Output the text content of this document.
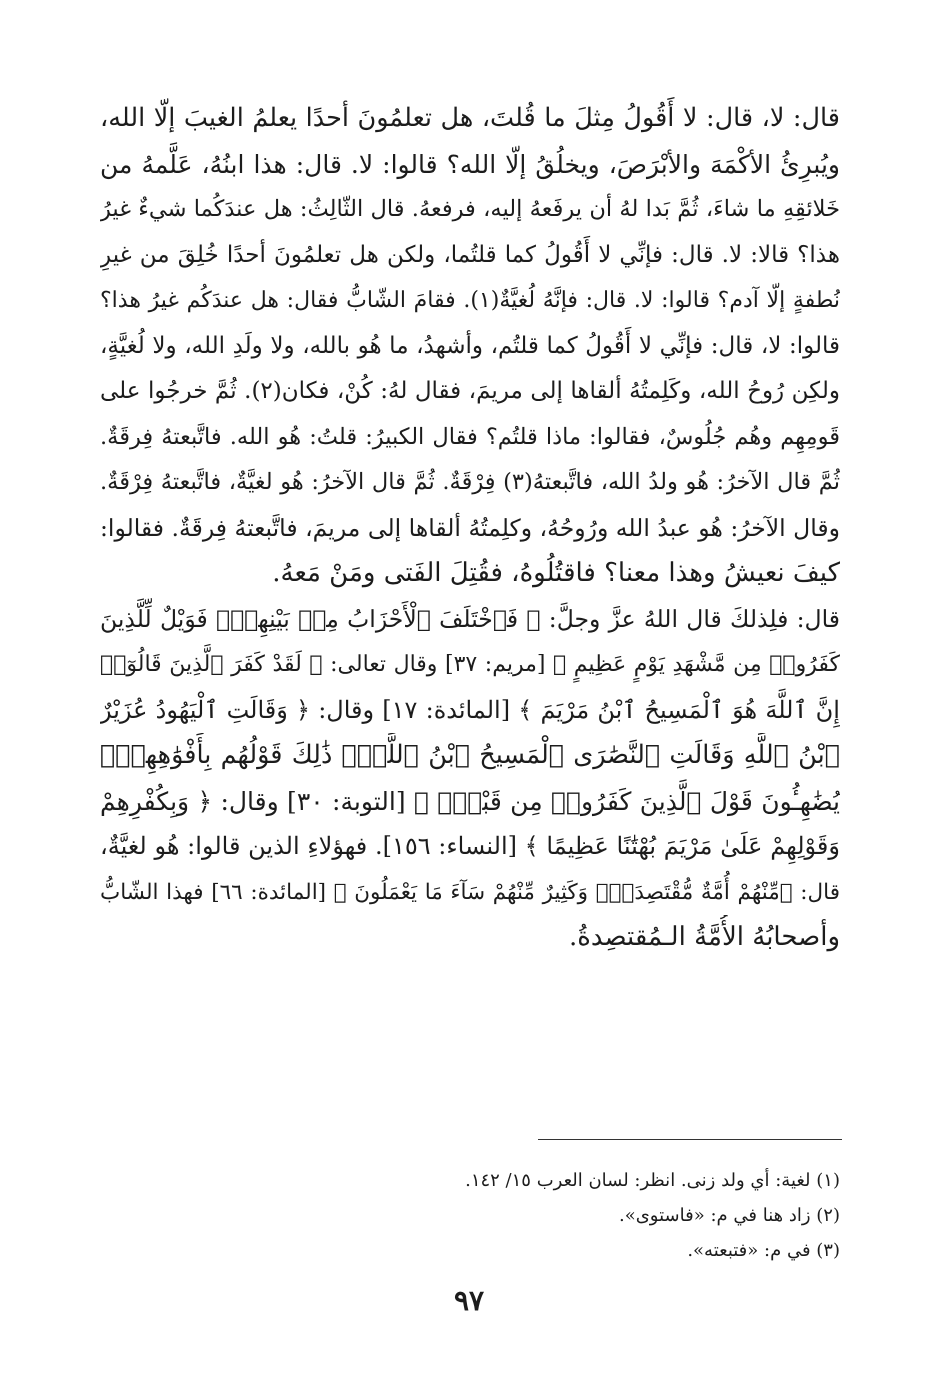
قال: لا، قال: لا أَقُولُ مِثلَ ما قُلتَ، هل تعلمُونَ أحدًا يعلمُ الغيبَ إلّا الله،
ويُبرِئُ الأكْمَهَ والأبْرَصَ، ويخلُقُ إلّا الله؟ قالوا: لا. قال: هذا ابنُهُ، عَلَّمهُ من
خَلائقِهِ ما شاءَ، ثُمَّ بَدا لهُ أن يرفَعهُ إليه، فرفعهُ. قال الثّالِثُ: هل عندَكُما شيءٌ غيرُ
هذا؟ قالا: لا. قال: فإنِّي لا أَقُولُ كما قلتُما، ولكن هل تعلمُونَ أحدًا خُلِقَ من غيرِ
نُطفةٍ إلّا آدم؟ قالوا: لا. قال: فإنَّهُ لُغيَّةٌ(١). فقامَ الشّابُّ فقال: هل عندَكُم غيرُ هذا؟
قالوا: لا، قال: فإنِّي لا أَقُولُ كما قلتُم، وأشهدُ، ما هُو بالله، ولا ولَدِ الله، ولا لُغيَّةٍ،
ولكِن رُوحُ الله، وكَلِمتُهُ ألقاها إلى مريمَ، فقال لهُ: كُنْ، فكان(٢). ثُمَّ خرجُوا على
قَومِهِم وهُم جُلُوسٌ، فقالوا: ماذا قلتُم؟ فقال الكبيرُ: قلتُ: هُو الله. فاتَّبعتهُ فِرقَةٌ.
ثُمَّ قال الآخرُ: هُو ولدُ الله، فاتَّبعتهُ(٣) فِرْقَةٌ. ثُمَّ قال الآخرُ: هُو لغيَّةٌ، فاتَّبعتهُ فِرْقَةٌ.
وقال الآخرُ: هُو عبدُ الله ورُوحُهُ، وكلِمتُهُ ألقاها إلى مريمَ، فاتَّبعتهُ فِرقَةٌ. فقالوا:
كيفَ نعيشُ وهذا معنا؟ فاقتُلُوهُ، فقُتِلَ الفَتى ومَنْ مَعهُ.
قال: فلِذلكَ قال اللهُ عزَّ وجلَّ: ﴿ فَٱخْتَلَفَ ٱلْأَحْزَابُ مِنۢ بَيْنِهِمْۖ فَوَيْلٌ لِّلَّذِينَ
كَفَرُوا۟ مِن مَّشْهَدِ يَوْمٍ عَظِيمٍ ﴾ [مريم: ٣٧] وقال تعالى: ﴿ لَقَدْ كَفَرَ ٱلَّذِينَ قَالُوٓا۟
إِنَّ ٱللَّهَ هُوَ ٱلْمَسِيحُ ٱبْنُ مَرْيَمَ ﴾ [المائدة: ١٧] وقال: ﴿ وَقَالَتِ ٱلْيَهُودُ عُزَيْرٌ
ٱبْنُ ٱللَّهِ وَقَالَتِ ٱلنَّصَٰرَى ٱلْمَسِيحُ ٱبْنُ ٱللَّهِۖ ذَٰلِكَ قَوْلُهُم بِأَفْوَٰهِهِمْۖ
يُضَٰهِـُٔونَ قَوْلَ ٱلَّذِينَ كَفَرُوا۟ مِن قَبْلُۚ ﴾ [التوبة: ٣٠] وقال: ﴿ وَبِكُفْرِهِمْ
وَقَوْلِهِمْ عَلَىٰ مَرْيَمَ بُهْتَٰنًا عَظِيمًا ﴾ [النساء: ١٥٦]. فهؤلاءِ الذين قالوا: هُو لغيَّةٌ،
قال: ﴿مِّنْهُمْ أُمَّةٌ مُّقْتَصِدَةٌۖ وَكَثِيرٌ مِّنْهُمْ سَآءَ مَا يَعْمَلُونَ ﴾ [المائدة: ٦٦] فهذا الشّابُّ
وأصحابُهُ الأُمَّةُ الـمُقتصِدةُ.
(١) لغية: أي ولد زنى. انظر: لسان العرب ١٥/ ١٤٢.
(٢) زاد هنا في م: «فاستوى».
(٣) في م: «فتبعته».
٩٧
